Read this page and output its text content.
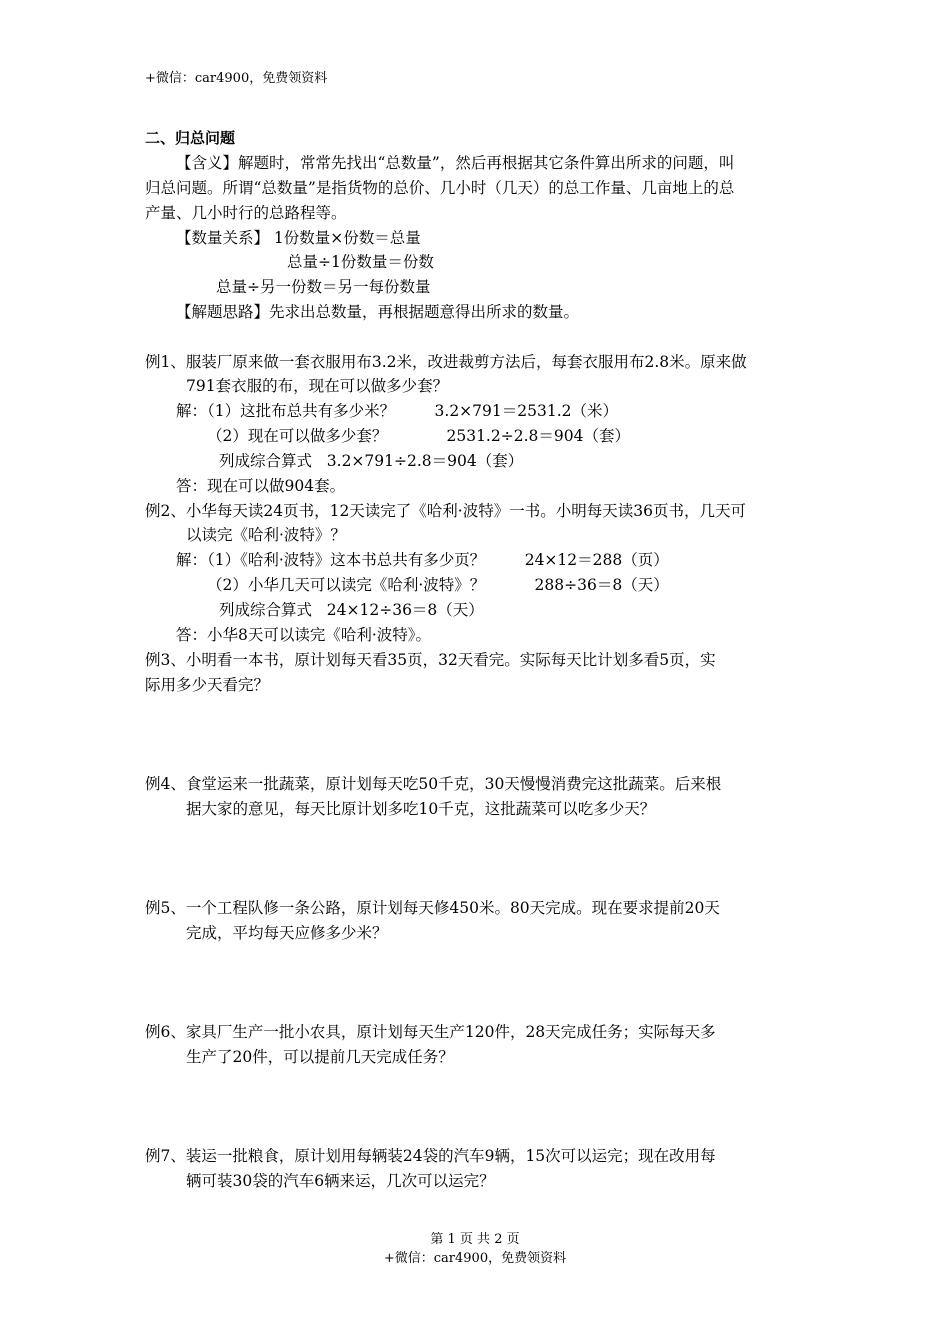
+微信：car4900，免费领资料
二、归总问题
【含义】解题时，常常先找出“总数量”，然后再根据其它条件算出所求的问题，叫
归总问题。所谓“总数量”是指货物的总价、几小时（几天）的总工作量、几亩地上的总
产量、几小时行的总路程等。
【数量关系】 1份数量×份数＝总量
总量÷1份数量＝份数
总量÷另一份数＝另一每份数量
【解题思路】先求出总数量，再根据题意得出所求的数量。
例1、服装厂原来做一套衣服用布3.2米，改进裁剪方法后，每套衣服用布2.8米。原来做
791套衣服的布，现在可以做多少套？
解：（1）这批布总共有多少米？        3.2×791＝2531.2（米）
（2）现在可以做多少套？            2531.2÷2.8＝904（套）
列成综合算式   3.2×791÷2.8＝904（套）
答：现在可以做904套。
例2、小华每天读24页书，12天读完了《哈利·波特》一书。小明每天读36页书，几天可
以读完《哈利·波特》？
解：（1）《哈利·波特》这本书总共有多少页？        24×12＝288（页）
（2）小华几天可以读完《哈利·波特》？          288÷36＝8（天）
列成综合算式   24×12÷36＝8（天）
答：小华8天可以读完《哈利·波特》。
例3、小明看一本书，原计划每天看35页，32天看完。实际每天比计划多看5页，实
际用多少天看完？
例4、食堂运来一批蔬菜，原计划每天吃50千克，30天慢慢消费完这批蔬菜。后来根
据大家的意见，每天比原计划多吃10千克，这批蔬菜可以吃多少天？
例5、一个工程队修一条公路，原计划每天修450米。80天完成。现在要求提前20天
完成，平均每天应修多少米？
例6、家具厂生产一批小农具，原计划每天生产120件，28天完成任务；实际每天多
生产了20件，可以提前几天完成任务？
例7、装运一批粮食，原计划用每辆装24袋的汽车9辆，15次可以运完；现在改用每
辆可装30袋的汽车6辆来运，几次可以运完？
第 1 页 共 2 页
+微信：car4900，免费领资料
